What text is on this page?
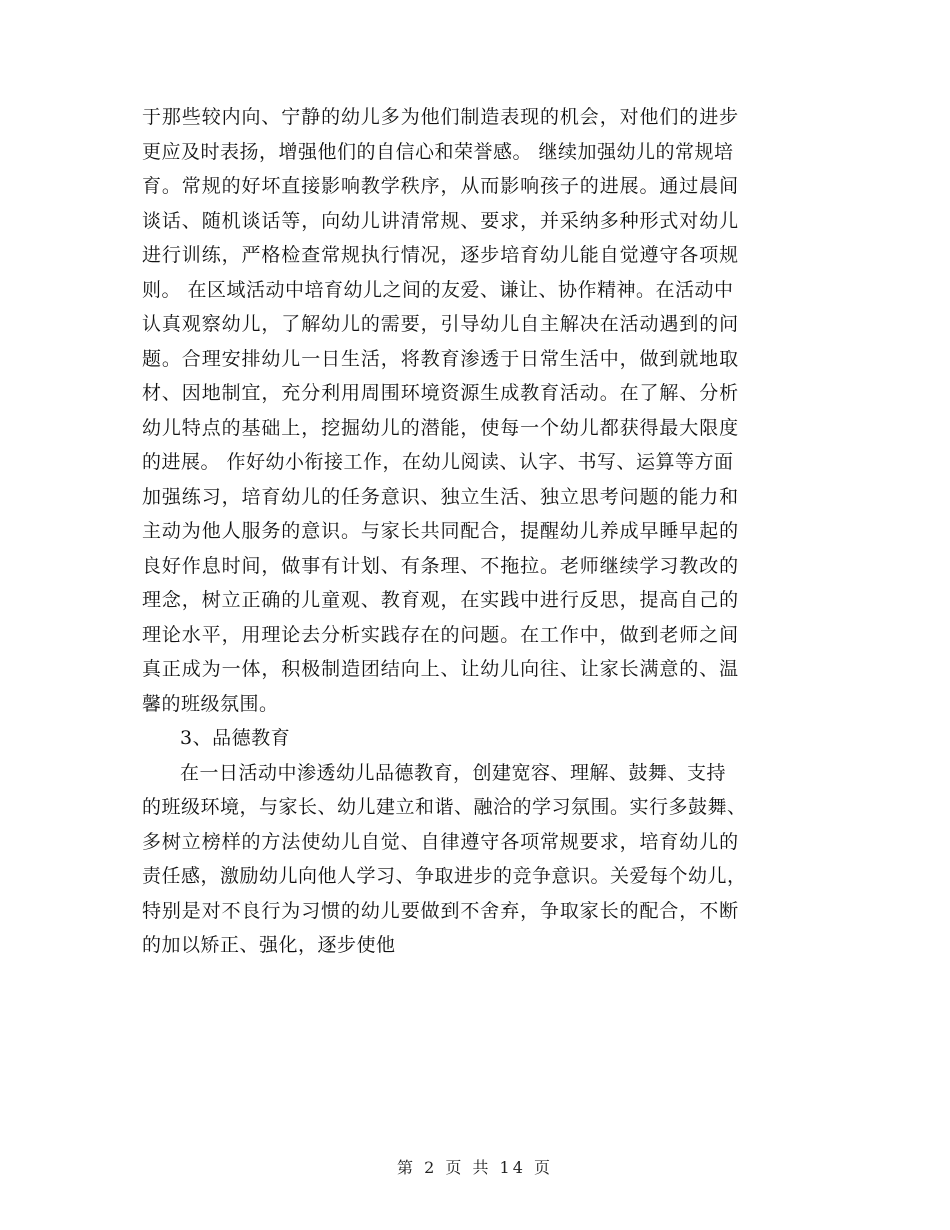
于那些较内向、宁静的幼儿多为他们制造表现的机会，对他们的进步
更应及时表扬，增强他们的自信心和荣誉感。 继续加强幼儿的常规培
育。常规的好坏直接影响教学秩序，从而影响孩子的进展。通过晨间
谈话、随机谈话等，向幼儿讲清常规、要求，并采纳多种形式对幼儿
进行训练，严格检查常规执行情况，逐步培育幼儿能自觉遵守各项规
则。 在区域活动中培育幼儿之间的友爱、谦让、协作精神。在活动中
认真观察幼儿，了解幼儿的需要，引导幼儿自主解决在活动遇到的问
题。合理安排幼儿一日生活，将教育渗透于日常生活中，做到就地取
材、因地制宜，充分利用周围环境资源生成教育活动。在了解、分析
幼儿特点的基础上，挖掘幼儿的潜能，使每一个幼儿都获得最大限度
的进展。 作好幼小衔接工作，在幼儿阅读、认字、书写、运算等方面
加强练习，培育幼儿的任务意识、独立生活、独立思考问题的能力和
主动为他人服务的意识。与家长共同配合，提醒幼儿养成早睡早起的
良好作息时间，做事有计划、有条理、不拖拉。老师继续学习教改的
理念，树立正确的儿童观、教育观，在实践中进行反思，提高自己的
理论水平，用理论去分析实践存在的问题。在工作中，做到老师之间
真正成为一体，积极制造团结向上、让幼儿向往、让家长满意的、温
馨的班级氛围。
3、品德教育
在一日活动中渗透幼儿品德教育，创建宽容、理解、鼓舞、支持
的班级环境，与家长、幼儿建立和谐、融洽的学习氛围。实行多鼓舞、
多树立榜样的方法使幼儿自觉、自律遵守各项常规要求，培育幼儿的
责任感，激励幼儿向他人学习、争取进步的竞争意识。关爱每个幼儿，
特别是对不良行为习惯的幼儿要做到不舍弃，争取家长的配合，不断
的加以矫正、强化，逐步使他
第 2 页 共 14 页
